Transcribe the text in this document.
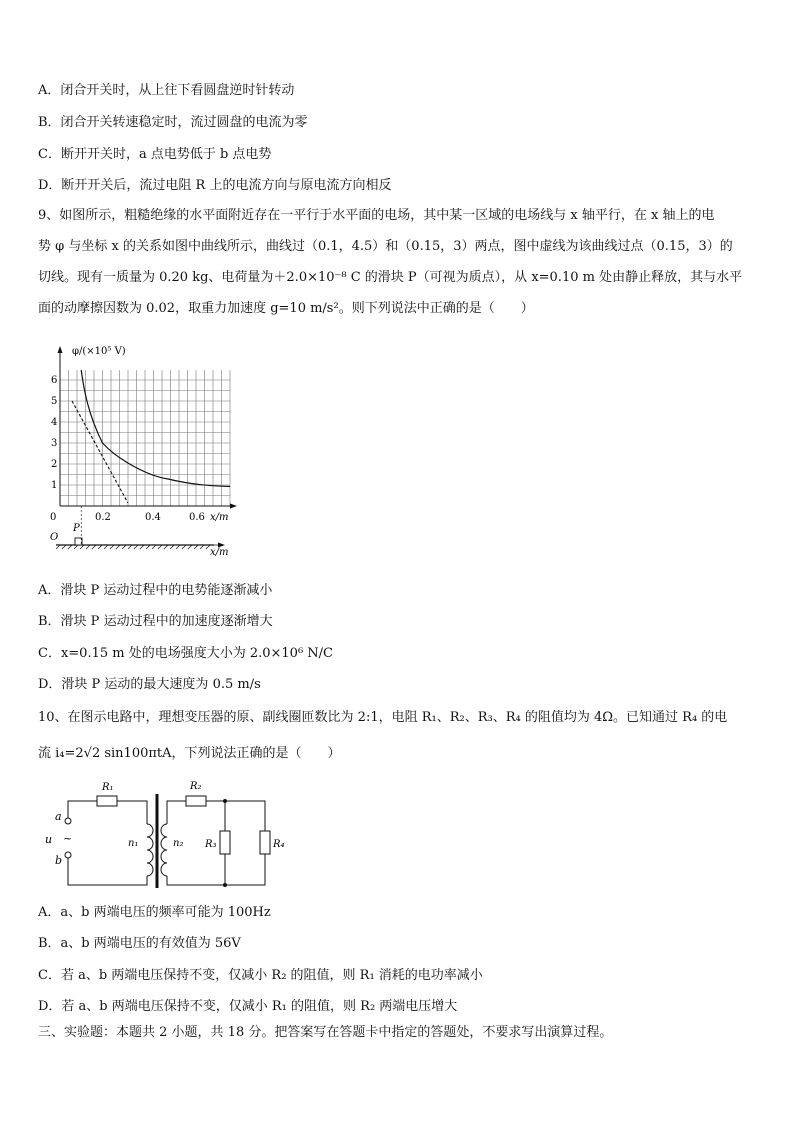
A．闭合开关时，从上往下看圆盘逆时针转动
B．闭合开关转速稳定时，流过圆盘的电流为零
C．断开开关时，a 点电势低于 b 点电势
D．断开开关后，流过电阻 R 上的电流方向与原电流方向相反
9、如图所示，粗糙绝缘的水平面附近存在一平行于水平面的电场，其中某一区域的电场线与 x 轴平行，在 x 轴上的电
势 φ 与坐标 x 的关系如图中曲线所示，曲线过（0.1，4.5）和（0.15，3）两点，图中虚线为该曲线过点（0.15，3）的
切线。现有一质量为 0.20 kg、电荷量为＋2.0×10⁻⁸ C 的滑块 P（可视为质点），从 x=0.10 m 处由静止释放，其与水平
面的动摩擦因数为 0.02，取重力加速度 g=10 m/s²。则下列说法中正确的是（　　）
φ/(×10⁵ V)
1
2
3
4
5
6
0	0.2	0.4	0.6 x/m
x/m
O
P
A．滑块 P 运动过程中的电势能逐渐减小
B．滑块 P 运动过程中的加速度逐渐增大
C．x=0.15 m 处的电场强度大小为 2.0×10⁶ N/C
D．滑块 P 运动的最大速度为 0.5 m/s
10、在图示电路中，理想变压器的原、副线圈匝数比为 2:1，电阻 R₁、R₂、R₃、R₄ 的阻值均为 4Ω。已知通过 R₄ 的电
流 i₄=2√2 sin100πtA，下列说法正确的是（　　）
R₁	R₂
R₃	R₄
n₁	n₂
a
b
u ~
A．a、b 两端电压的频率可能为 100Hz
B．a、b 两端电压的有效值为 56V
C．若 a、b 两端电压保持不变，仅减小 R₂ 的阻值，则 R₁ 消耗的电功率减小
D．若 a、b 两端电压保持不变，仅减小 R₁ 的阻值，则 R₂ 两端电压增大
三、实验题：本题共 2 小题，共 18 分。把答案写在答题卡中指定的答题处，不要求写出演算过程。
